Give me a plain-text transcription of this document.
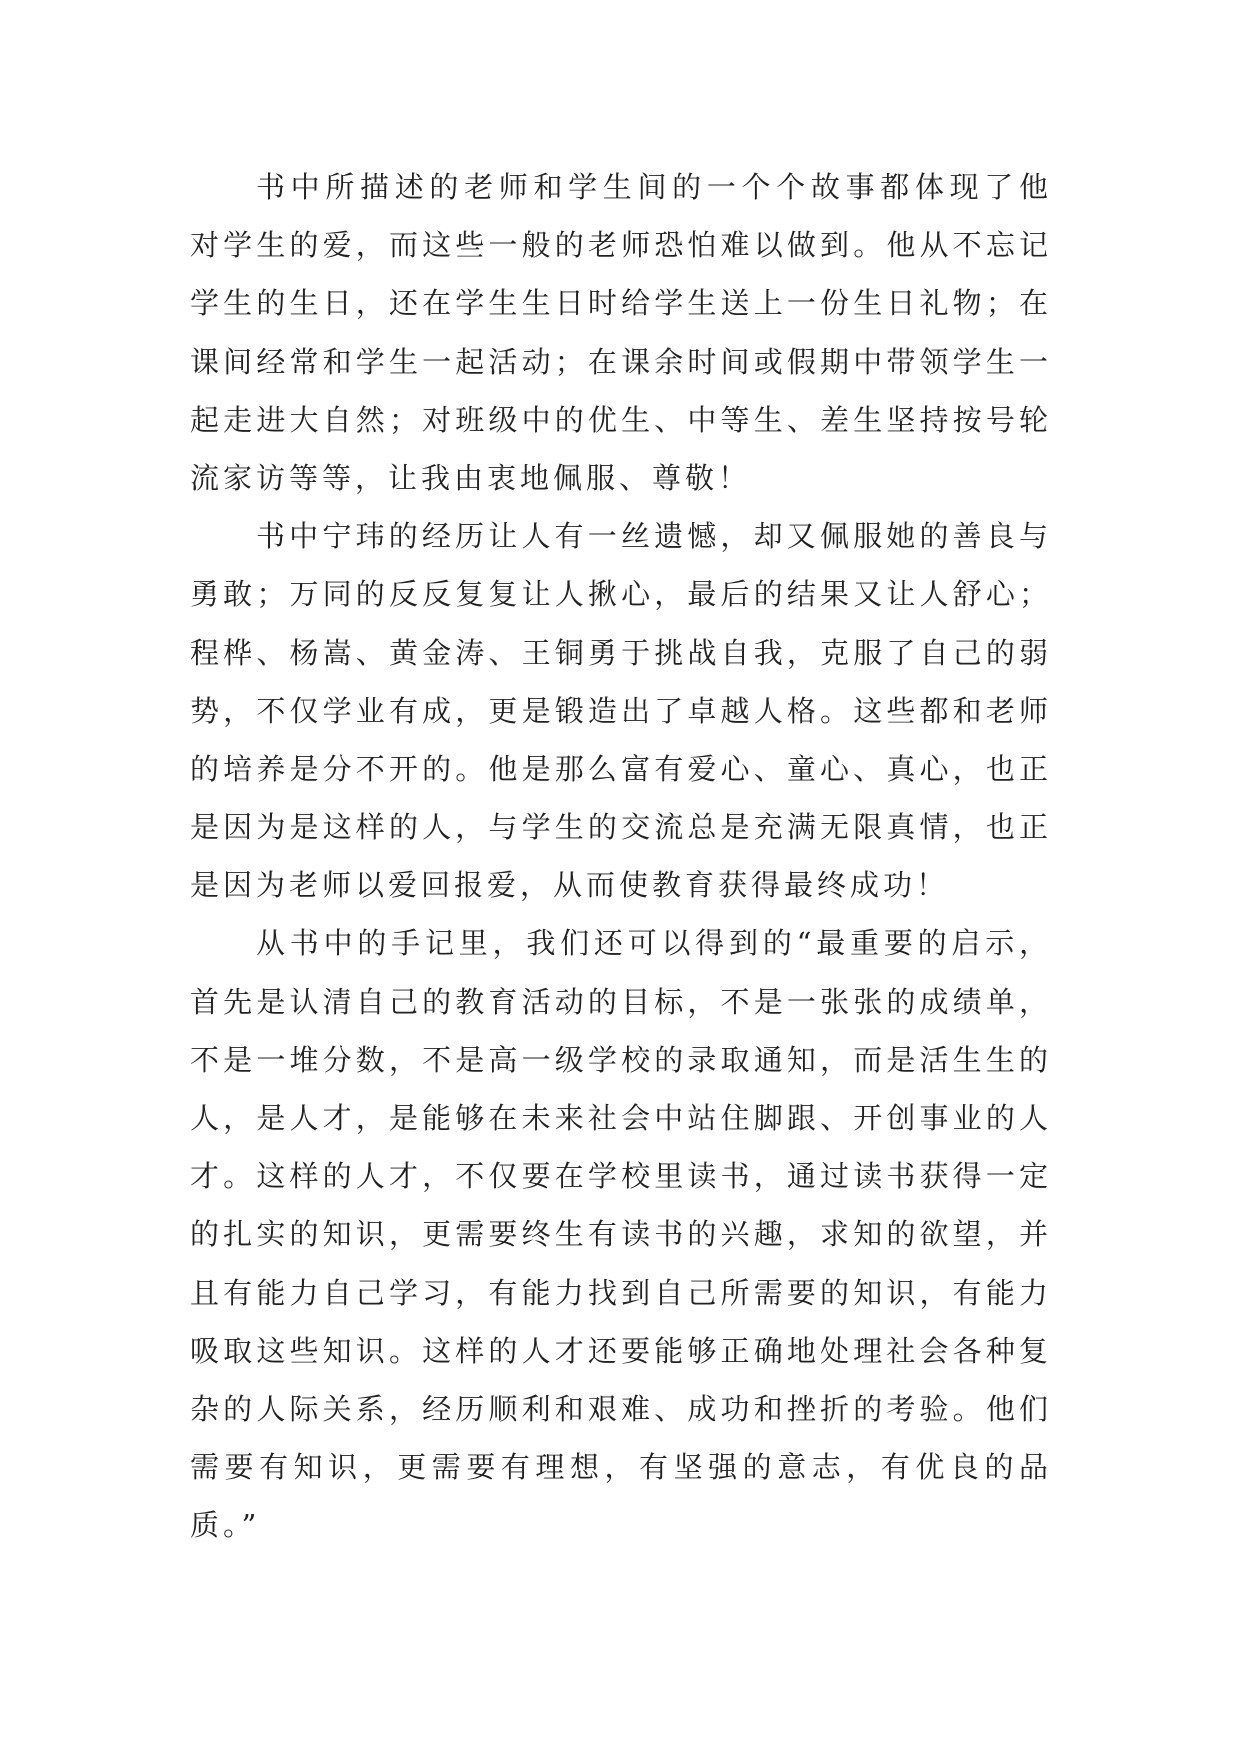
书中所描述的老师和学生间的一个个故事都体现了他
对学生的爱，而这些一般的老师恐怕难以做到。他从不忘记
学生的生日，还在学生生日时给学生送上一份生日礼物；在
课间经常和学生一起活动；在课余时间或假期中带领学生一
起走进大自然；对班级中的优生、中等生、差生坚持按号轮
流家访等等，让我由衷地佩服、尊敬！
书中宁玮的经历让人有一丝遗憾，却又佩服她的善良与
勇敢；万同的反反复复让人揪心，最后的结果又让人舒心；
程桦、杨嵩、黄金涛、王铜勇于挑战自我，克服了自己的弱
势，不仅学业有成，更是锻造出了卓越人格。这些都和老师
的培养是分不开的。他是那么富有爱心、童心、真心，也正
是因为是这样的人，与学生的交流总是充满无限真情，也正
是因为老师以爱回报爱，从而使教育获得最终成功！
从书中的手记里，我们还可以得到的“最重要的启示，
首先是认清自己的教育活动的目标，不是一张张的成绩单，
不是一堆分数，不是高一级学校的录取通知，而是活生生的
人，是人才，是能够在未来社会中站住脚跟、开创事业的人
才。这样的人才，不仅要在学校里读书，通过读书获得一定
的扎实的知识，更需要终生有读书的兴趣，求知的欲望，并
且有能力自己学习，有能力找到自己所需要的知识，有能力
吸取这些知识。这样的人才还要能够正确地处理社会各种复
杂的人际关系，经历顺利和艰难、成功和挫折的考验。他们
需要有知识，更需要有理想，有坚强的意志，有优良的品
质。”
